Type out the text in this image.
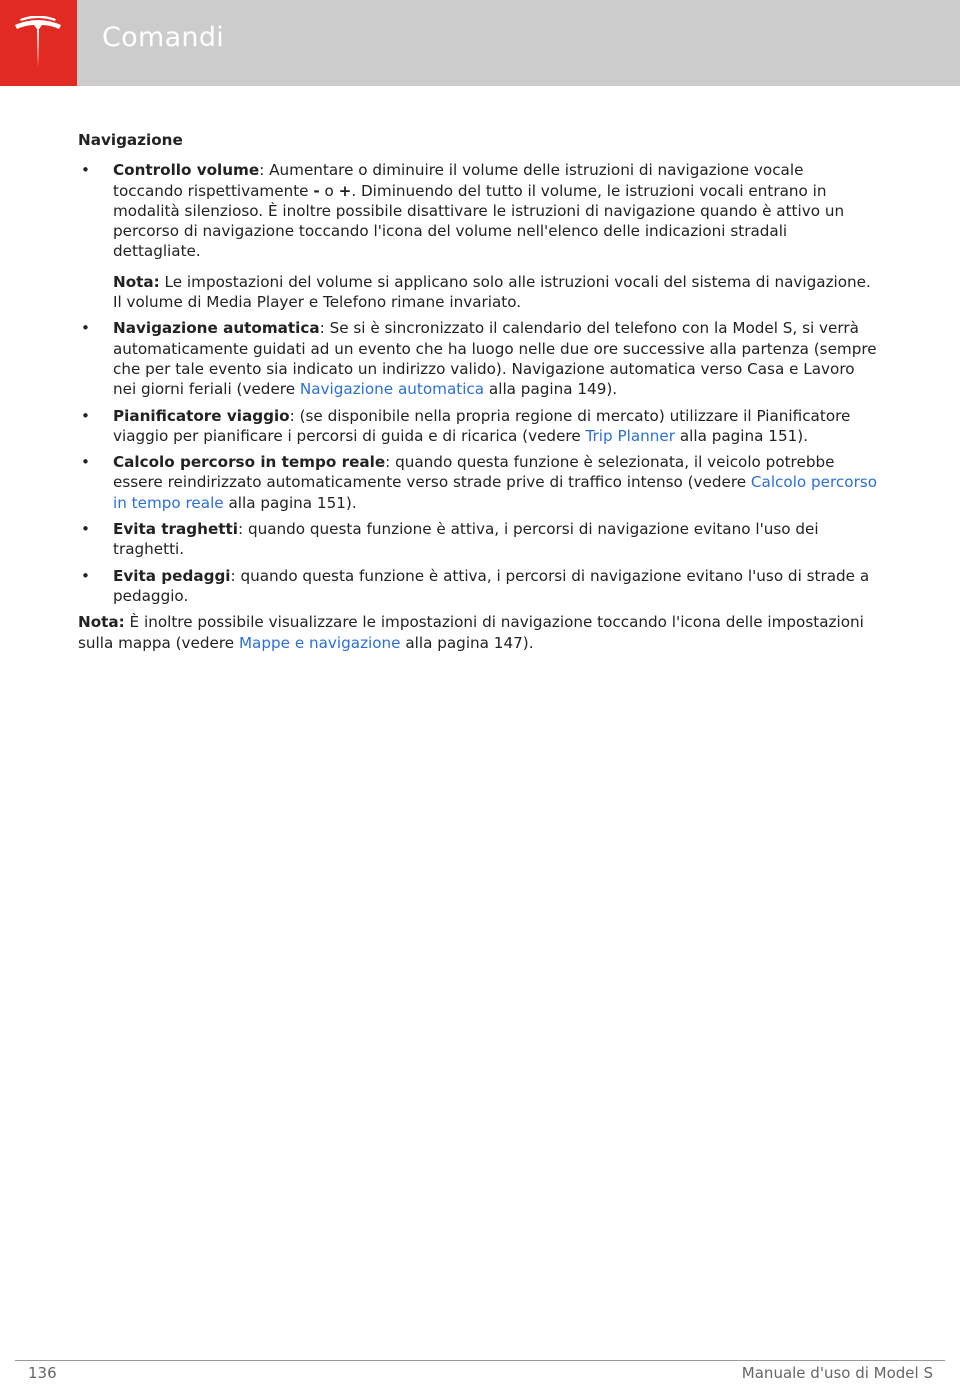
Comandi
Navigazione
• Controllo volume: Aumentare o diminuire il volume delle istruzioni di navigazione vocale toccando rispettivamente - o +. Diminuendo del tutto il volume, le istruzioni vocali entrano in modalità silenzioso. È inoltre possibile disattivare le istruzioni di navigazione quando è attivo un percorso di navigazione toccando l'icona del volume nell'elenco delle indicazioni stradali dettagliate.
Nota: Le impostazioni del volume si applicano solo alle istruzioni vocali del sistema di navigazione. Il volume di Media Player e Telefono rimane invariato.
• Navigazione automatica: Se si è sincronizzato il calendario del telefono con la Model S, si verrà automaticamente guidati ad un evento che ha luogo nelle due ore successive alla partenza (sempre che per tale evento sia indicato un indirizzo valido). Navigazione automatica verso Casa e Lavoro nei giorni feriali (vedere Navigazione automatica alla pagina 149).
• Pianificatore viaggio: (se disponibile nella propria regione di mercato) utilizzare il Pianificatore viaggio per pianificare i percorsi di guida e di ricarica (vedere Trip Planner alla pagina 151).
• Calcolo percorso in tempo reale: quando questa funzione è selezionata, il veicolo potrebbe essere reindirizzato automaticamente verso strade prive di traffico intenso (vedere Calcolo percorso in tempo reale alla pagina 151).
• Evita traghetti: quando questa funzione è attiva, i percorsi di navigazione evitano l'uso dei traghetti.
• Evita pedaggi: quando questa funzione è attiva, i percorsi di navigazione evitano l'uso di strade a pedaggio.
Nota: È inoltre possibile visualizzare le impostazioni di navigazione toccando l'icona delle impostazioni sulla mappa (vedere Mappe e navigazione alla pagina 147).
136	Manuale d'uso di Model S
